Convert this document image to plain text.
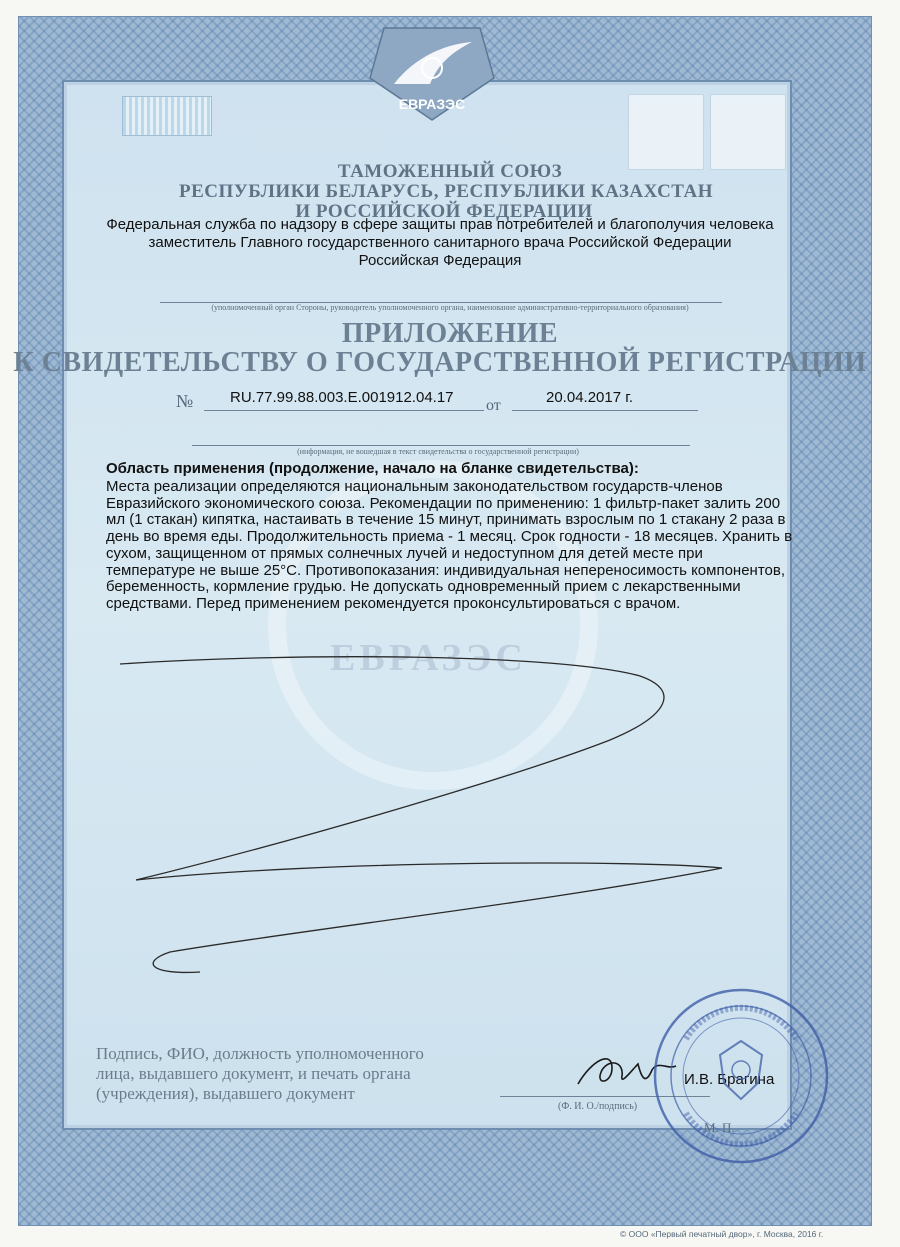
ЕВРАЗЭС
ЕВРАЗЭС
ТАМОЖЕННЫЙ СОЮЗ
РЕСПУБЛИКИ БЕЛАРУСЬ, РЕСПУБЛИКИ КАЗАХСТАН
И РОССИЙСКОЙ ФЕДЕРАЦИИ
Федеральная служба по надзору в сфере защиты прав потребителей и благополучия человека
заместитель Главного государственного санитарного врача Российской Федерации
Российская Федерация
(уполномоченный орган Стороны, руководитель уполномоченного органа, наименование административно-территориального образования)
ПРИЛОЖЕНИЕ
К СВИДЕТЕЛЬСТВУ О ГОСУДАРСТВЕННОЙ РЕГИСТРАЦИИ
№ RU.77.99.88.003.E.001912.04.17 от	20.04.2017 г.
(информация, не вошедшая в текст свидетельства о государственной регистрации)
Область применения (продолжение, начало на бланке свидетельства):
Места реализации определяются национальным законодательством государств-членов
Евразийского экономического союза. Рекомендации по применению: 1 фильтр-пакет залить 200
мл (1 стакан) кипятка, настаивать в течение 15 минут, принимать взрослым по 1 стакану 2 раза в
день во время еды. Продолжительность приема - 1 месяц. Срок годности - 18 месяцев. Хранить в
сухом, защищенном от прямых солнечных лучей и недоступном для детей месте при
температуре не выше 25°С. Противопоказания: индивидуальная непереносимость компонентов,
беременность, кормление грудью. Не допускать одновременный прием с лекарственными
средствами. Перед применением рекомендуется проконсультироваться с врачом.
Подпись, ФИО, должность уполномоченного
лица, выдавшего документ, и печать органа
(учреждения), выдавшего документ
И.В. Брагина
(Ф. И. О./подпись)
М. П.
© ООО «Первый печатный двор», г. Москва, 2016 г.
